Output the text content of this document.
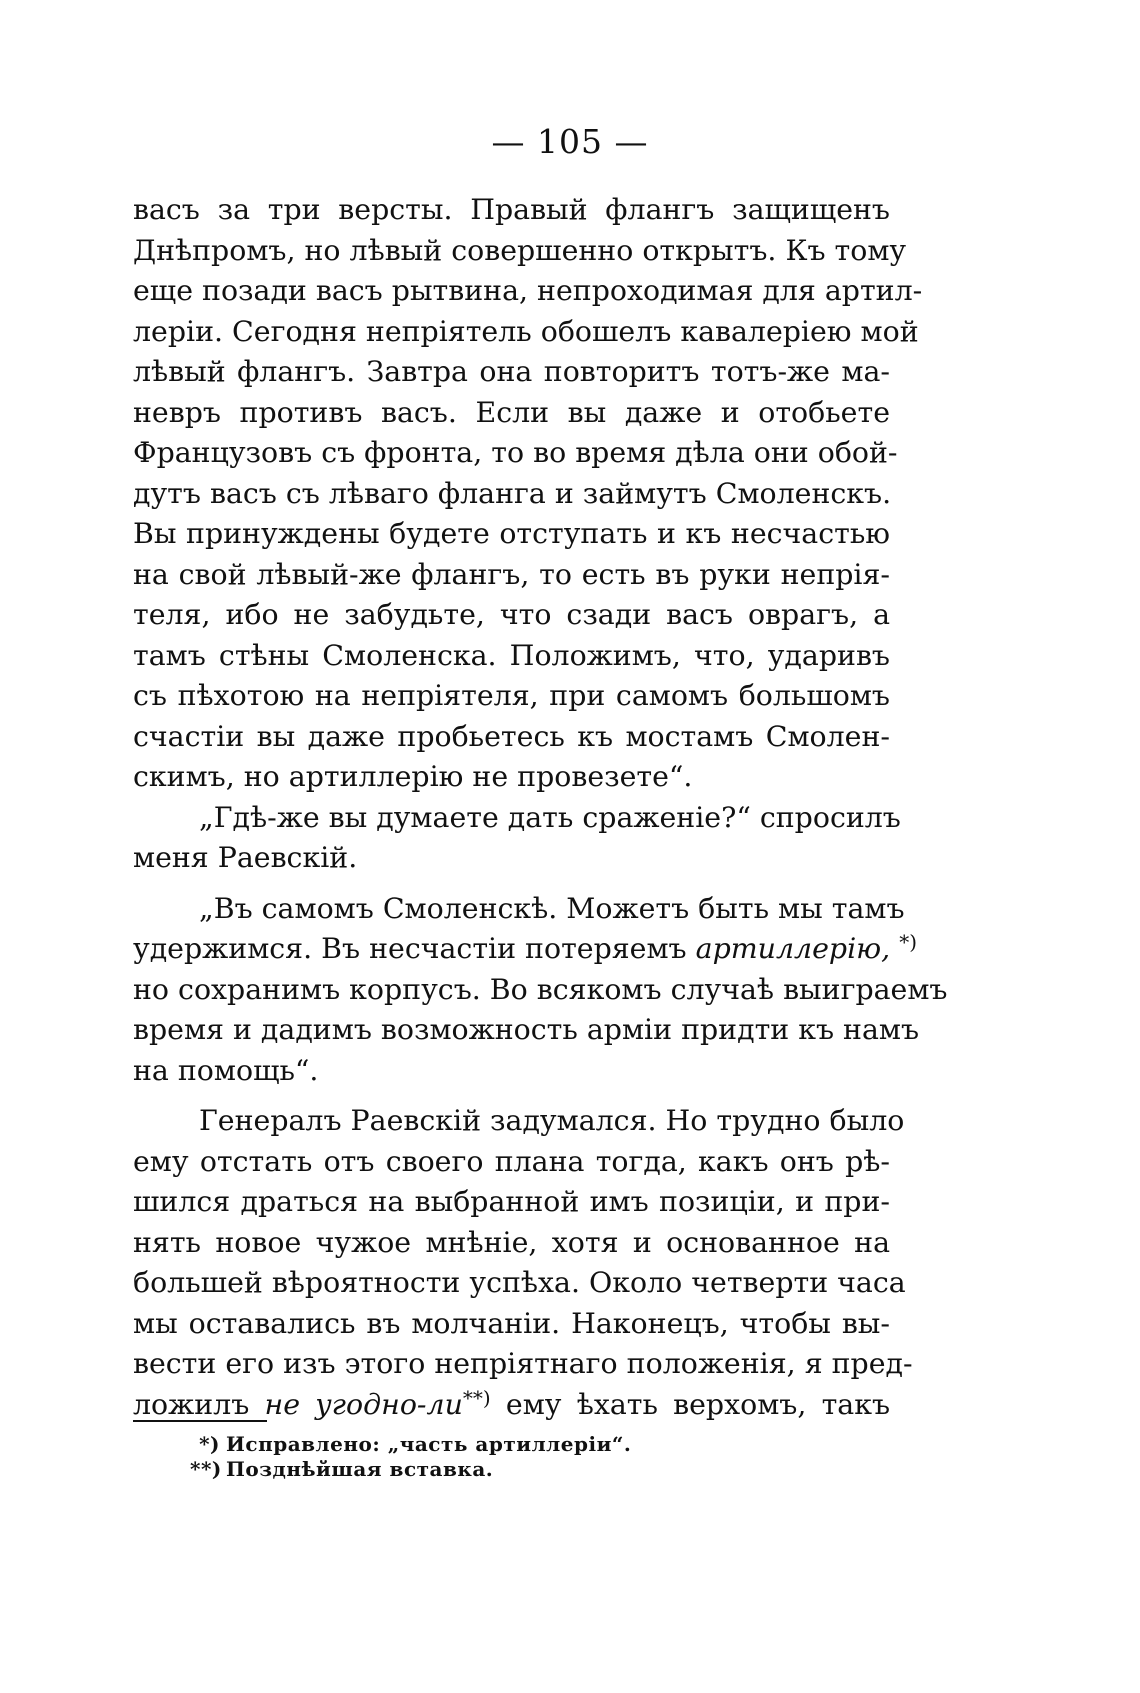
— 105 —
васъ за три версты. Правый флангъ защищенъ
Днѣпромъ, но лѣвый совершенно открытъ. Къ тому
еще позади васъ рытвина, непроходимая для артил-
леріи. Сегодня непріятель обошелъ кавалеріею мой
лѣвый флангъ. Завтра она повторитъ тотъ-же ма-
невръ противъ васъ. Если вы даже и отобьете
Французовъ съ фронта, то во время дѣла они обой-
дутъ васъ съ лѣваго фланга и займутъ Смоленскъ.
Вы принуждены будете отступать и къ несчастью
на свой лѣвый-же флангъ, то есть въ руки непрія-
теля, ибо не забудьте, что сзади васъ оврагъ, а
тамъ стѣны Смоленска. Положимъ, что, ударивъ
съ пѣхотою на непріятеля, при самомъ большомъ
счастіи вы даже пробьетесь къ мостамъ Смолен-
скимъ, но артиллерію не провезете“.
„Гдѣ-же вы думаете дать сраженіе?“ спросилъ
меня Раевскій.
„Въ самомъ Смоленскѣ. Можетъ быть мы тамъ
удержимся. Въ несчастіи потеряемъ артиллерію, *)
но сохранимъ корпусъ. Во всякомъ случаѣ выиграемъ
время и дадимъ возможность арміи придти къ намъ
на помощь“.
Генералъ Раевскій задумался. Но трудно было
ему отстать отъ своего плана тогда, какъ онъ рѣ-
шился драться на выбранной имъ позиціи, и при-
нять новое чужое мнѣніе, хотя и основанное на
большей вѣроятности успѣха. Около четверти часа
мы оставались въ молчаніи. Наконецъ, чтобы вы-
вести его изъ этого непріятнаго положенія, я пред-
ложилъ не угодно-ли**) ему ѣхать верхомъ, такъ
*) Исправлено: „часть артиллеріи“.
**) Позднѣйшая вставка.
